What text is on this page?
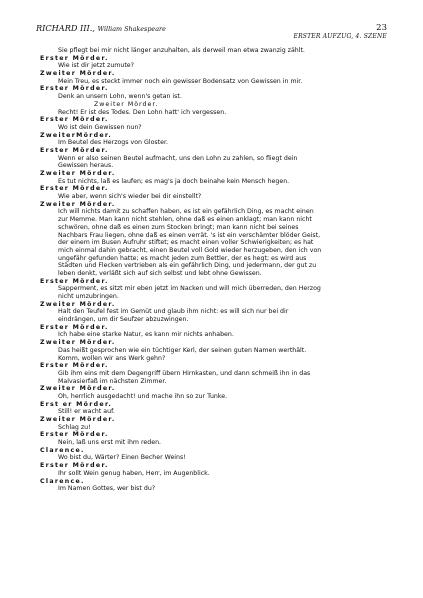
RICHARD III., William Shakespeare	23
ERSTER AUFZUG, 4. SZENE
Sie pflegt bei mir nicht länger anzuhalten, als derweil man etwa zwanzig zählt.
Erster Mörder.
Wie ist dir jetzt zumute?
Zweiter Mörder.
Mein Treu, es steckt immer noch ein gewisser Bodensatz von Gewissen in mir.
Erster Mörder.
Denk an unsern Lohn, wenn's getan ist.
Zweiter Mörder.
Recht! Er ist des Todes. Den Lohn hatt' ich vergessen.
Erster Mörder.
Wo ist dein Gewissen nun?
ZweiterMörder.
Im Beutel des Herzogs von Gloster.
Erster Mörder.
Wenn er also seinen Beutel aufmacht, uns den Lohn zu zahlen, so fliegt dein
Gewissen heraus.
Zweiter Mörder.
Es tut nichts, laß es laufen; es mag's ja doch beinahe kein Mensch hegen.
Erster Mörder.
Wie aber, wenn sich's wieder bei dir einstellt?
Zweiter Mörder.
Ich will nichts damit zu schaffen haben, es ist ein gefährlich Ding, es macht einen
zur Memme. Man kann nicht stehlen, ohne daß es einen anklagt; man kann nicht
schwören, ohne daß es einen zum Stocken bringt; man kann nicht bei seines
Nachbars Frau liegen, ohne daß es einen verrät. 's ist ein verschämter blöder Geist,
der einem im Busen Aufruhr stiftet; es macht einen voller Schwierigkeiten; es hat
mich einmal dahin gebracht, einen Beutel voll Gold wieder herzugeben, den ich von
ungefähr gefunden hatte; es macht jeden zum Bettler, der es hegt; es wird aus
Städten und Flecken vertrieben als ein gefährlich Ding, und jedermann, der gut zu
leben denkt, verläßt sich auf sich selbst und lebt ohne Gewissen.
Erster Mörder.
Sapperment, es sitzt mir eben jetzt im Nacken und will mich überreden, den Herzog
nicht umzubringen.
Zweiter Mörder.
Halt den Teufel fest im Gemüt und glaub ihm nicht: es will sich nur bei dir
eindrängen, um dir Seufzer abzuzwingen.
Erster Mörder.
Ich habe eine starke Natur, es kann mir nichts anhaben.
Zweiter Mörder.
Das heißt gesprochen wie ein tüchtiger Kerl, der seinen guten Namen werthält.
Komm, wollen wir ans Werk gehn?
Erster Mörder.
Gib ihm eins mit dem Degengriff übern Hirnkasten, und dann schmeiß ihn in das
Malvasierfaß im nächsten Zimmer.
Zweiter Mörder.
Oh, herrlich ausgedacht! und mache ihn so zur Tunke.
Erst er Mörder.
Still! er wacht auf.
Zweiter Mörder.
Schlag zu!
Erster Mörder.
Nein, laß uns erst mit ihm reden.
Clarence.
Wo bist du, Wärter? Einen Becher Weins!
Erster Mörder.
Ihr sollt Wein genug haben, Herr, im Augenblick.
Clarence.
Im Namen Gottes, wer bist du?
